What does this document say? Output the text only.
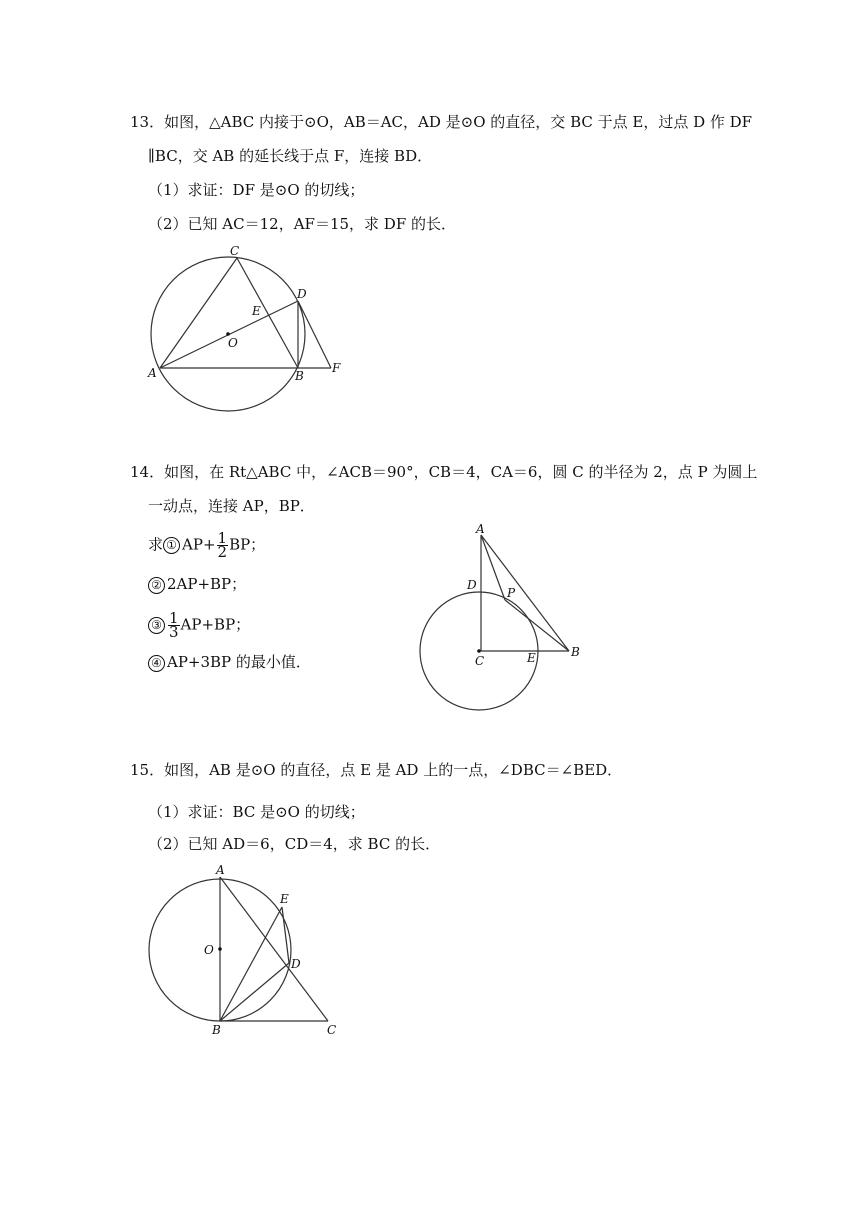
13．如图，△ABC 内接于⊙O，AB＝AC，AD 是⊙O 的直径，交 BC 于点 E，过点 D 作 DF
∥BC，交 AB 的延长线于点 F，连接 BD．
（1）求证：DF 是⊙O 的切线；
（2）已知 AC＝12，AF＝15，求 DF 的长．
C
D
E
O
A	B
F
14．如图，在 Rt△ABC 中，∠ACB＝90°，CB＝4，CA＝6，圆 C 的半径为 2，点 P 为圆上
一动点，连接 AP，BP．
求 ① $AP+ \frac{1}{2}$ BP；
② 2AP+BP；
③ $\frac{1}{3} AP+BP$；
④ AP+3BP 的最小值．
A
D
P
C	E	B
15．如图，AB 是⊙O 的直径，点 E 是 AD 上的一点，∠DBC＝∠BED．
（1）求证：BC 是⊙O 的切线；
（2）已知 AD＝6，CD＝4，求 BC 的长．
A
E
O
D
B	C
